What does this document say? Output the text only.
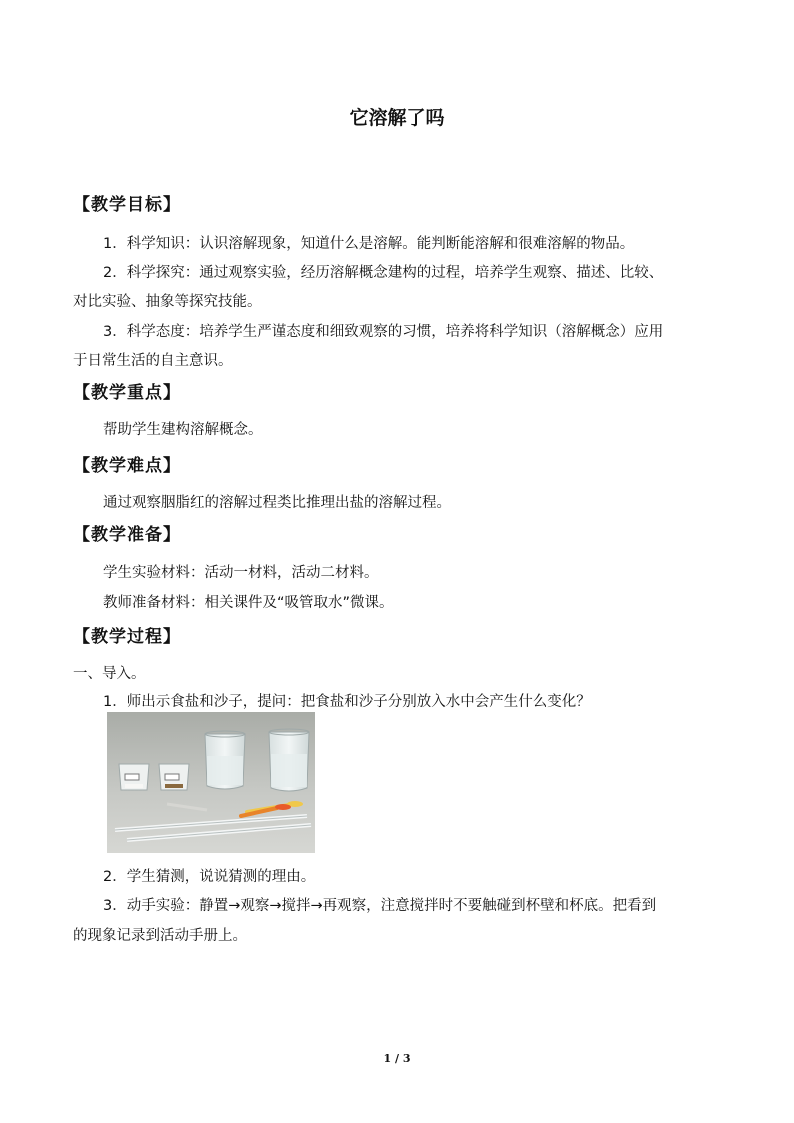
它溶解了吗
【教学目标】
1．科学知识：认识溶解现象，知道什么是溶解。能判断能溶解和很难溶解的物品。
2．科学探究：通过观察实验，经历溶解概念建构的过程，培养学生观察、描述、比较、
对比实验、抽象等探究技能。
3．科学态度：培养学生严谨态度和细致观察的习惯，培养将科学知识（溶解概念）应用
于日常生活的自主意识。
【教学重点】
帮助学生建构溶解概念。
【教学难点】
通过观察胭脂红的溶解过程类比推理出盐的溶解过程。
【教学准备】
学生实验材料：活动一材料，活动二材料。
教师准备材料：相关课件及“吸管取水”微课。
【教学过程】
一、导入。
1．师出示食盐和沙子，提问：把食盐和沙子分别放入水中会产生什么变化？
2．学生猜测，说说猜测的理由。
3．动手实验：静置→观察→搅拌→再观察，注意搅拌时不要触碰到杯壁和杯底。把看到
的现象记录到活动手册上。
1 / 3
